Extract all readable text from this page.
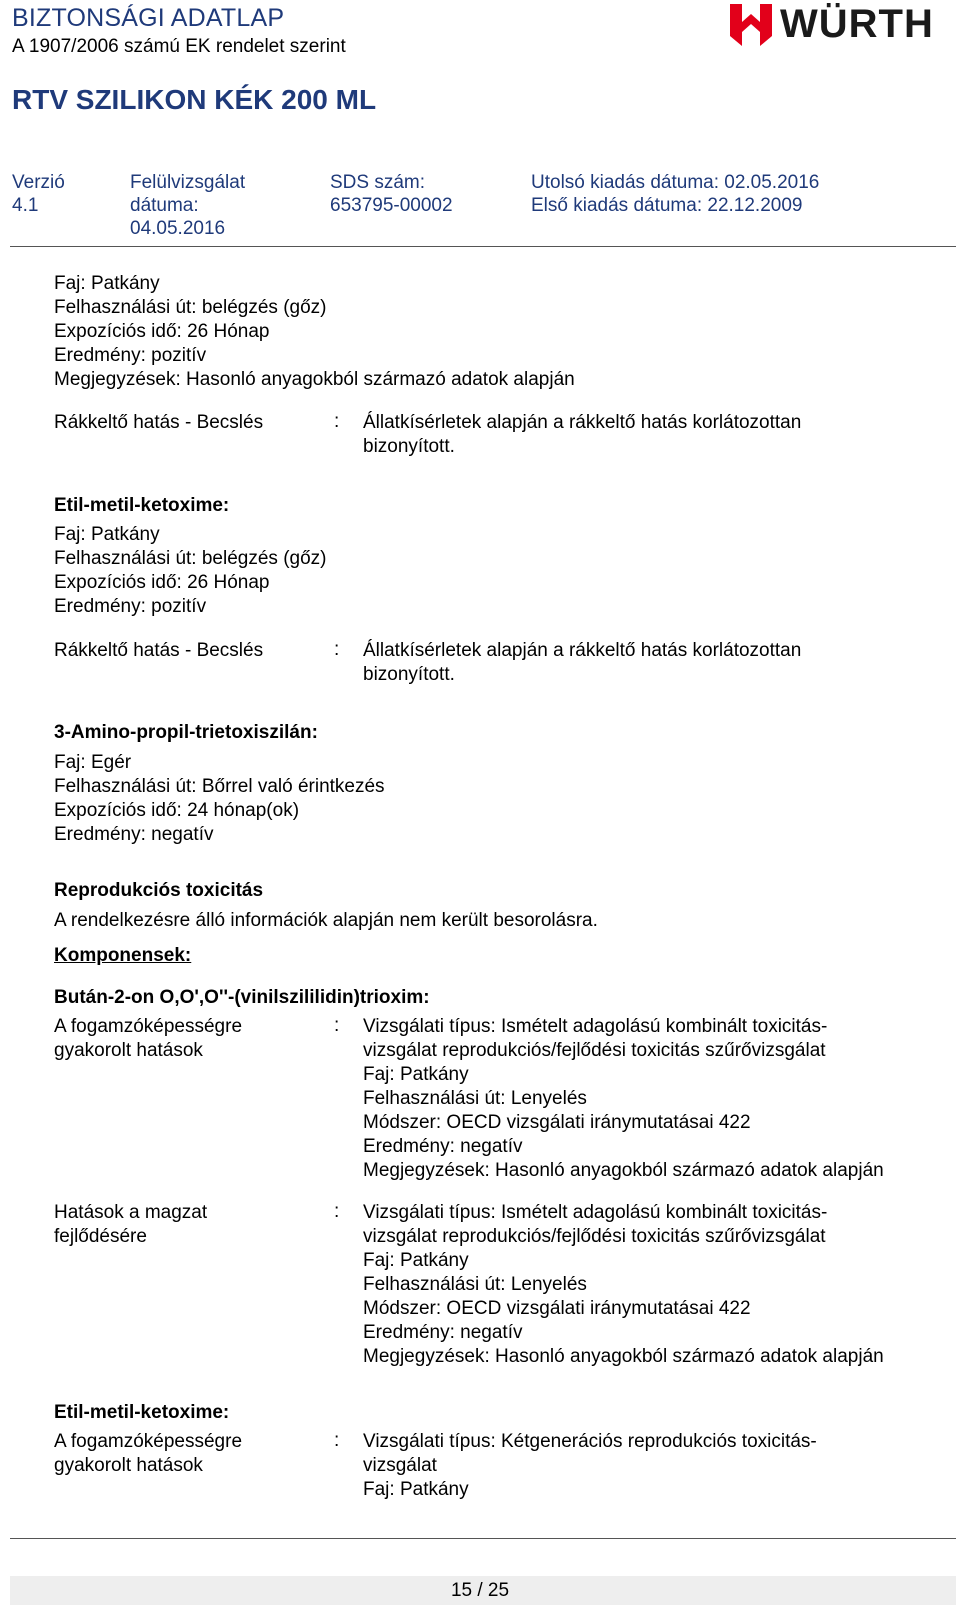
BIZTONSÁGI ADATLAP
A 1907/2006 számú EK rendelet szerint
WÜRTH
RTV SZILIKON KÉK 200 ML
Verzió
4.1
Felülvizsgálat
dátuma:
04.05.2016
SDS szám:
653795-00002
Utolsó kiadás dátuma: 02.05.2016
Első kiadás dátuma: 22.12.2009
Faj: Patkány
Felhasználási út: belégzés (gőz)
Expozíciós idő: 26 Hónap
Eredmény: pozitív
Megjegyzések: Hasonló anyagokból származó adatok alapján
Rákkeltő hatás - Becslés	: Állatkísérletek alapján a rákkeltő hatás korlátozottan
bizonyított.
Etil-metil-ketoxime:
Faj: Patkány
Felhasználási út: belégzés (gőz)
Expozíciós idő: 26 Hónap
Eredmény: pozitív
Rákkeltő hatás - Becslés	: Állatkísérletek alapján a rákkeltő hatás korlátozottan
bizonyított.
3-Amino-propil-trietoxiszilán:
Faj: Egér
Felhasználási út: Bőrrel való érintkezés
Expozíciós idő: 24 hónap(ok)
Eredmény: negatív
Reprodukciós toxicitás
A rendelkezésre álló információk alapján nem került besorolásra.
Komponensek:
Bután-2-on O,O',O''-(vinilszililidin)trioxim:
A fogamzóképességre
gyakorolt hatások
: Vizsgálati típus: Ismételt adagolású kombinált toxicitás-
vizsgálat reprodukciós/fejlődési toxicitás szűrővizsgálat
Faj: Patkány
Felhasználási út: Lenyelés
Módszer: OECD vizsgálati iránymutatásai 422
Eredmény: negatív
Megjegyzések: Hasonló anyagokból származó adatok alapján
Hatások a magzat
fejlődésére
: Vizsgálati típus: Ismételt adagolású kombinált toxicitás-
vizsgálat reprodukciós/fejlődési toxicitás szűrővizsgálat
Faj: Patkány
Felhasználási út: Lenyelés
Módszer: OECD vizsgálati iránymutatásai 422
Eredmény: negatív
Megjegyzések: Hasonló anyagokból származó adatok alapján
Etil-metil-ketoxime:
A fogamzóképességre
gyakorolt hatások
: Vizsgálati típus: Kétgenerációs reprodukciós toxicitás-
vizsgálat
Faj: Patkány
15 / 25
